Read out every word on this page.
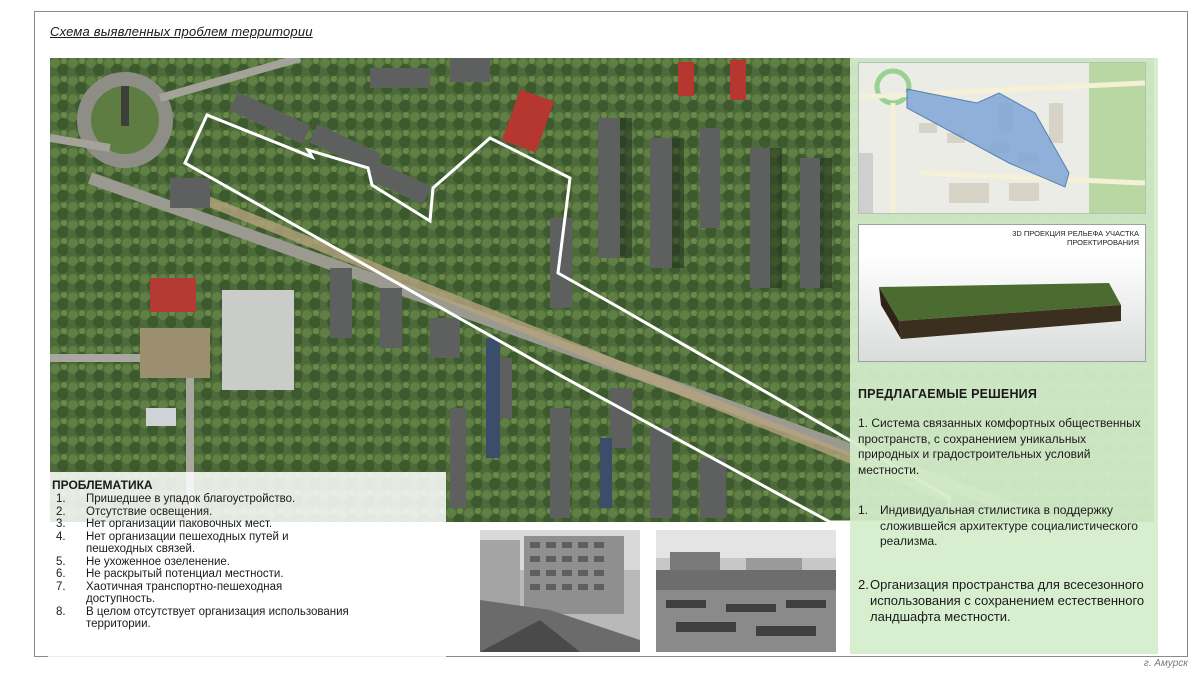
Схема выявленных проблем территории
3D ПРОЕКЦИЯ РЕЛЬЕФА УЧАСТКА
ПРОЕКТИРОВАНИЯ
ПРЕДЛАГАЕМЫЕ РЕШЕНИЯ
1. Система связанных комфортных общественных пространств, с сохранением уникальных природных и градостроительных условий местности.
1. Индивидуальная стилистика в поддержку сложившейся архитектуре социалистического реализма.
2. Организация пространства для всесезонного использования с сохранением естественного ландшафта местности.
ПРОБЛЕМАТИКА
1. Пришедшее в упадок благоустройство.
2. Отсутствие освещения.
3. Нет организации паковочных мест.
4. Нет организации пешеходных путей и пешеходных связей.
5. Не ухоженное озеленение.
6. Не раскрытый потенциал местности.
7. Хаотичная транспортно-пешеходная доступность.
8. В целом отсутствует организация использования территории.
г. Амурск
